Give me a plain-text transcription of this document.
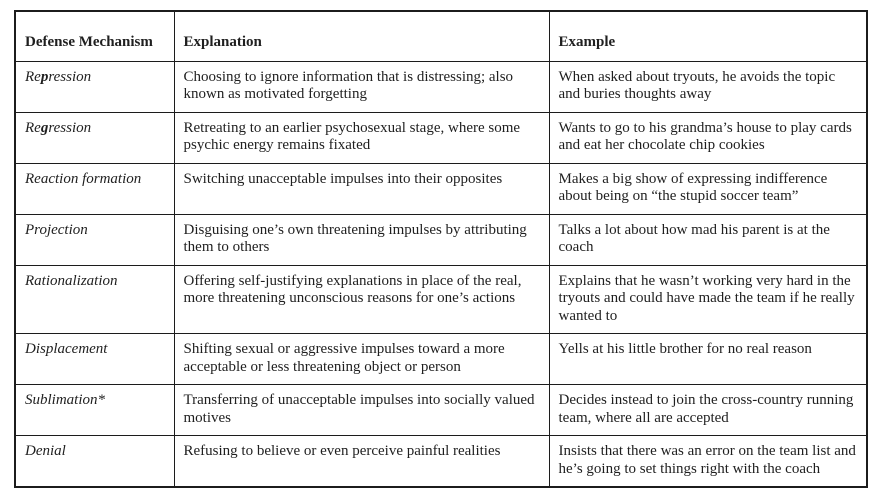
Defense Mechanism	Explanation	Example
Repression	Choosing to ignore information that is distressing; also known as motivated forgetting	When asked about tryouts, he avoids the topic and buries thoughts away
Regression	Retreating to an earlier psychosexual stage, where some psychic energy remains fixated	Wants to go to his grandma’s house to play cards and eat her chocolate chip cookies
Reaction formation	Switching unacceptable impulses into their opposites	Makes a big show of expressing indifference about being on “the stupid soccer team”
Projection	Disguising one’s own threatening impulses by attributing them to others	Talks a lot about how mad his parent is at the coach
Rationalization	Offering self-justifying explanations in place of the real, more threatening unconscious reasons for one’s actions	Explains that he wasn’t working very hard in the tryouts and could have made the team if he really wanted to
Displacement	Shifting sexual or aggressive impulses toward a more acceptable or less threatening object or person	Yells at his little brother for no real reason
Sublimation*	Transferring of unacceptable impulses into socially valued motives	Decides instead to join the cross-country running team, where all are accepted
Denial	Refusing to believe or even perceive painful realities	Insists that there was an error on the team list and he’s going to set things right with the coach
